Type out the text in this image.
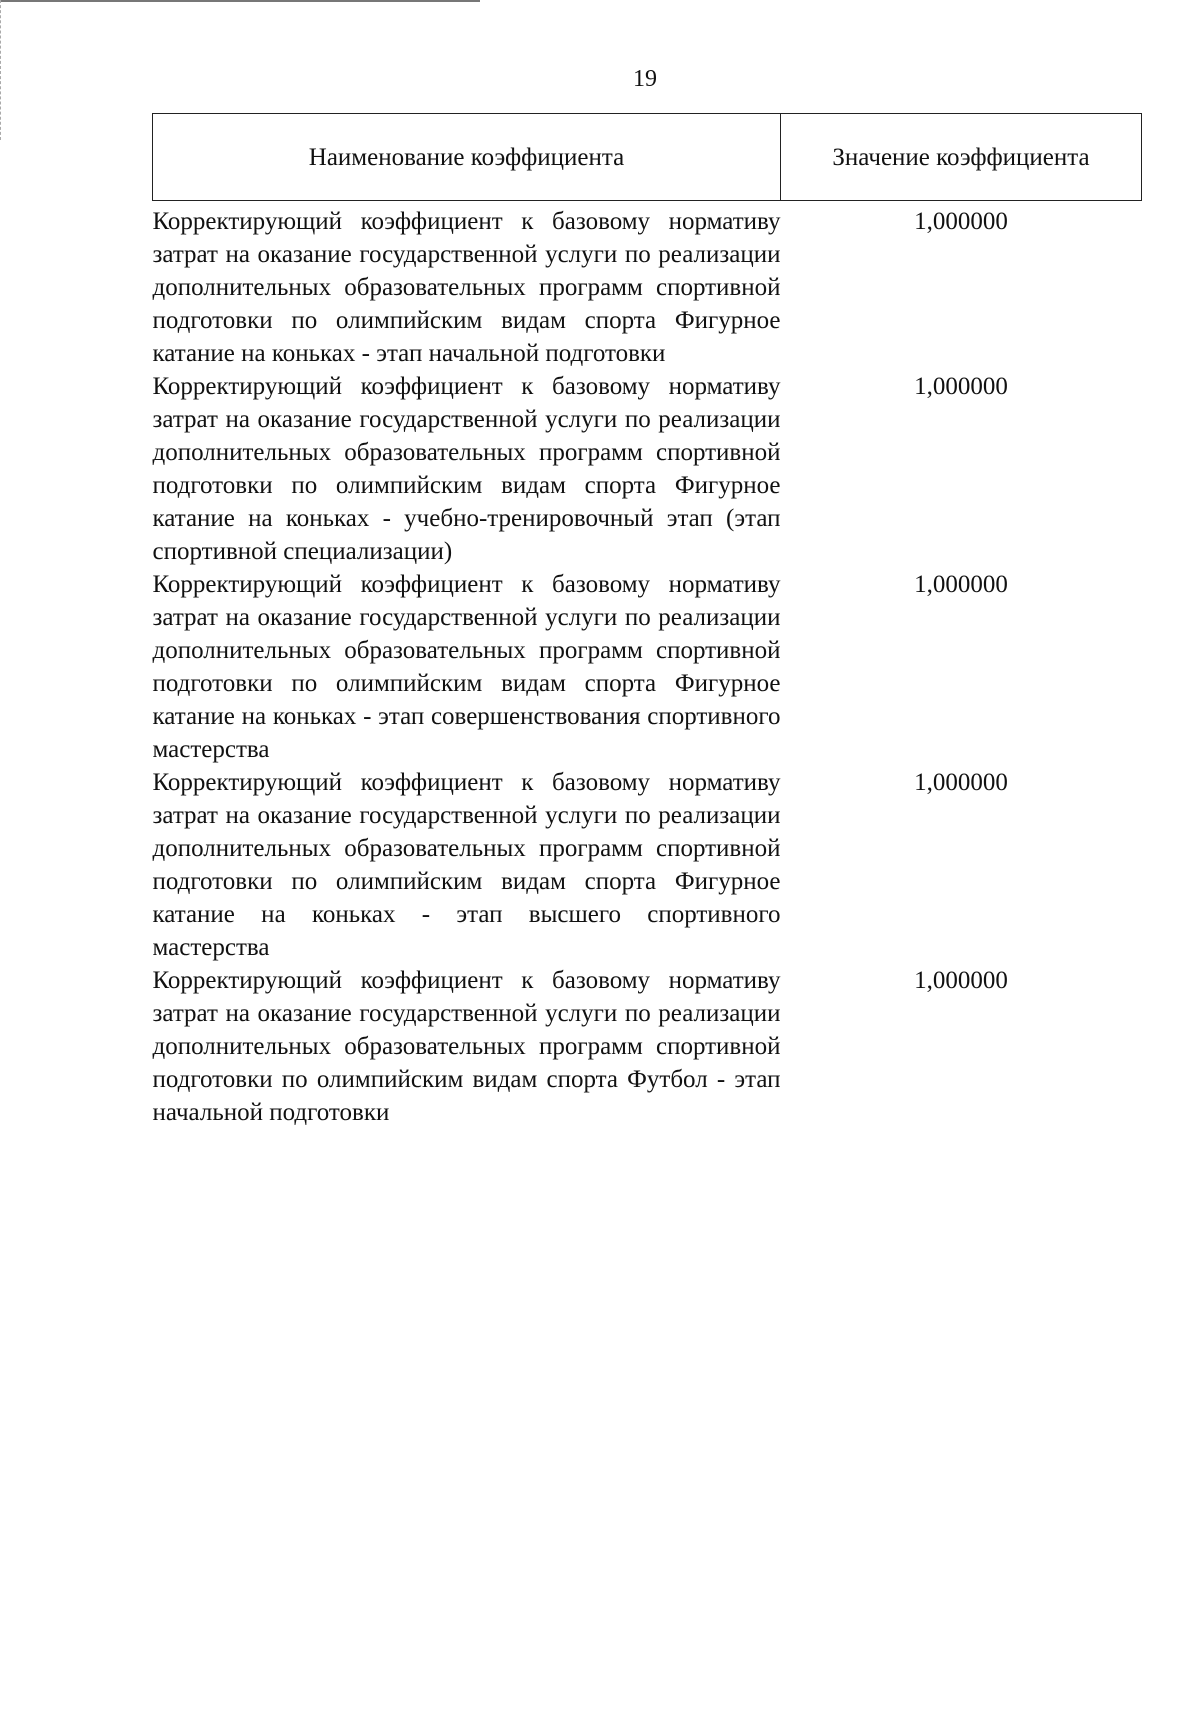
19
Наименование коэффициента	Значение коэффициента
Корректирующий коэффициент к базовому нормативу затрат на оказание государственной услуги по реализации дополнительных образовательных программ спортивной подготовки по олимпийским видам спорта Фигурное катание на коньках - этап начальной подготовки	1,000000
Корректирующий коэффициент к базовому нормативу затрат на оказание государственной услуги по реализации дополнительных образовательных программ спортивной подготовки по олимпийским видам спорта Фигурное катание на коньках - учебно-тренировочный этап (этап спортивной специализации)	1,000000
Корректирующий коэффициент к базовому нормативу затрат на оказание государственной услуги по реализации дополнительных образовательных программ спортивной подготовки по олимпийским видам спорта Фигурное катание на коньках - этап совершенствования спортивного мастерства	1,000000
Корректирующий коэффициент к базовому нормативу затрат на оказание государственной услуги по реализации дополнительных образовательных программ спортивной подготовки по олимпийским видам спорта Фигурное катание на коньках - этап высшего спортивного мастерства	1,000000
Корректирующий коэффициент к базовому нормативу затрат на оказание государственной услуги по реализации дополнительных образовательных программ спортивной подготовки по олимпийским видам спорта Футбол - этап начальной подготовки	1,000000
